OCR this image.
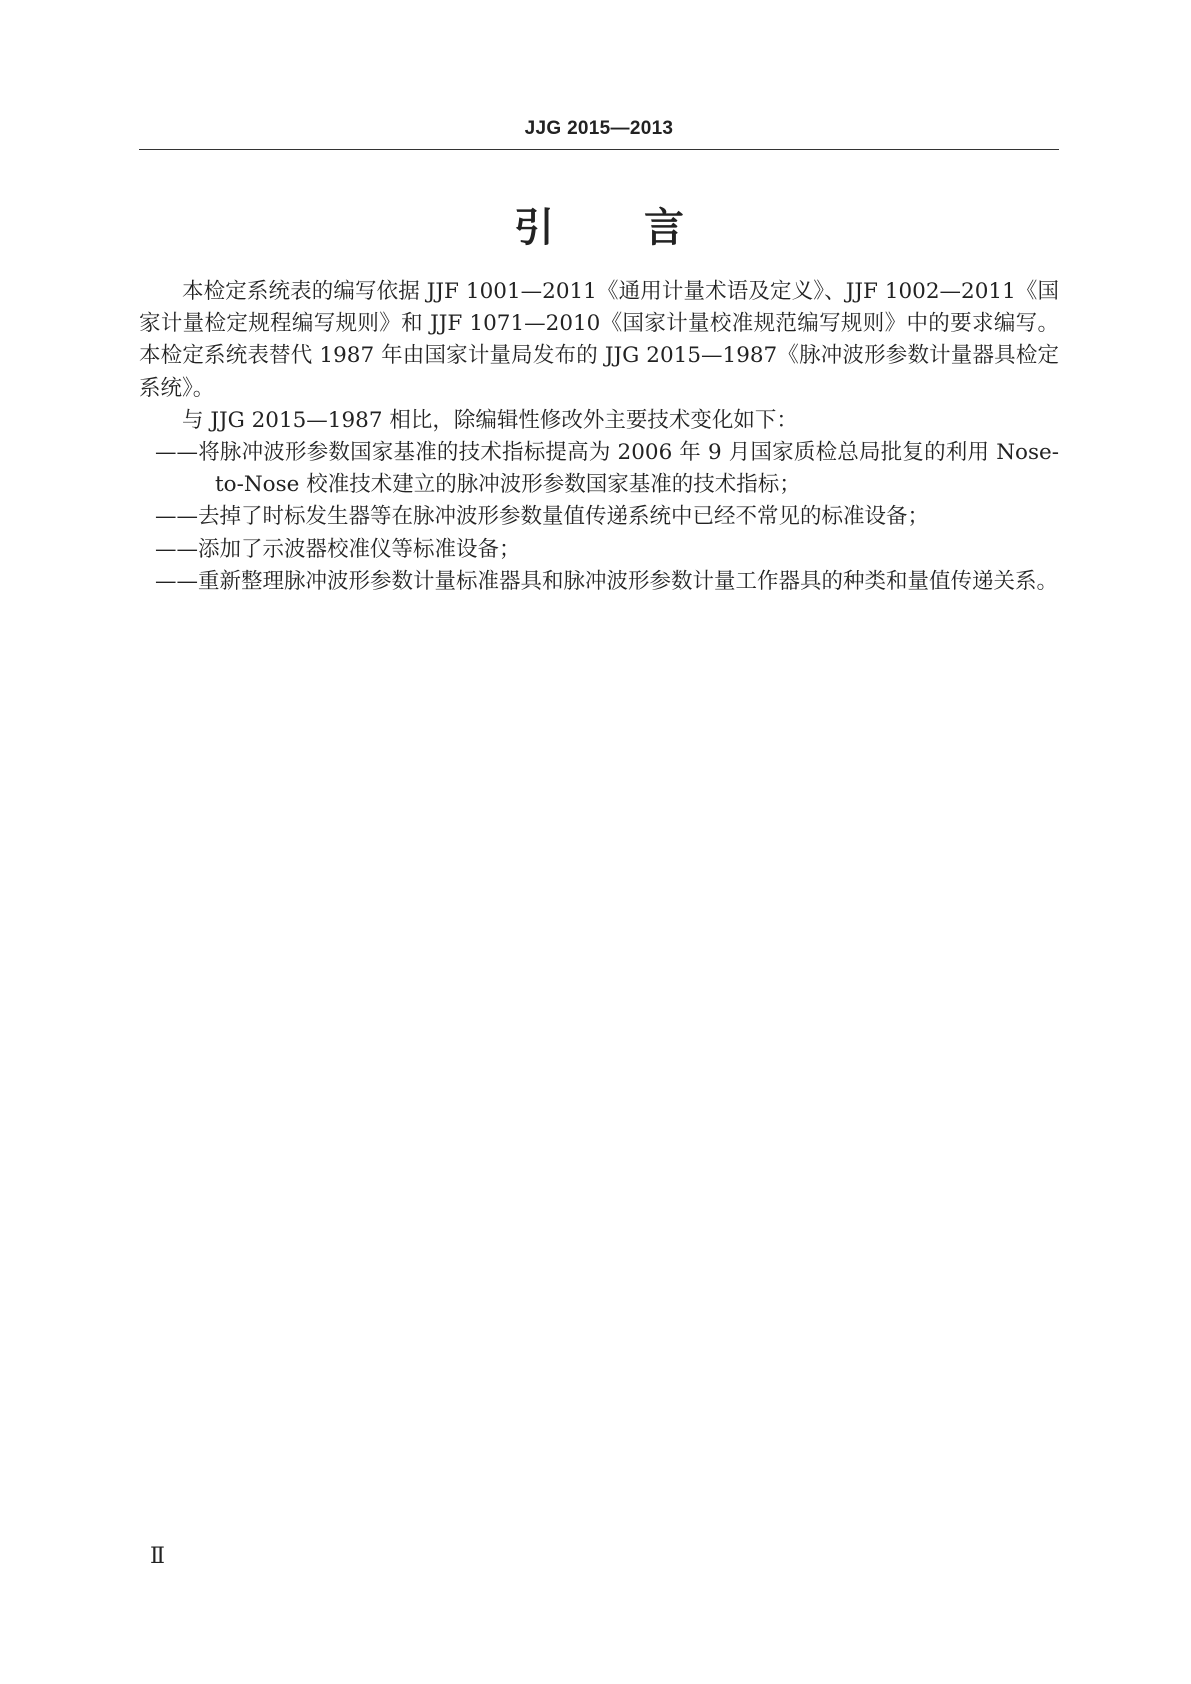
JJG 2015—2013
引 言

本检定系统表的编写依据 JJF 1001—2011《通用计量术语及定义》、JJF 1002—2011《国家计量检定规程编写规则》和 JJF 1071—2010《国家计量校准规范编写规则》中的要求编写。本检定系统表替代 1987 年由国家计量局发布的 JJG 2015—1987《脉冲波形参数计量器具检定系统》。

与 JJG 2015—1987 相比，除编辑性修改外主要技术变化如下：

——将脉冲波形参数国家基准的技术指标提高为 2006 年 9 月国家质检总局批复的利用 Nose-to-Nose 校准技术建立的脉冲波形参数国家基准的技术指标；

——去掉了时标发生器等在脉冲波形参数量值传递系统中已经不常见的标准设备；

——添加了示波器校准仪等标准设备；

——重新整理脉冲波形参数计量标准器具和脉冲波形参数计量工作器具的种类和量值传递关系。

Ⅱ
